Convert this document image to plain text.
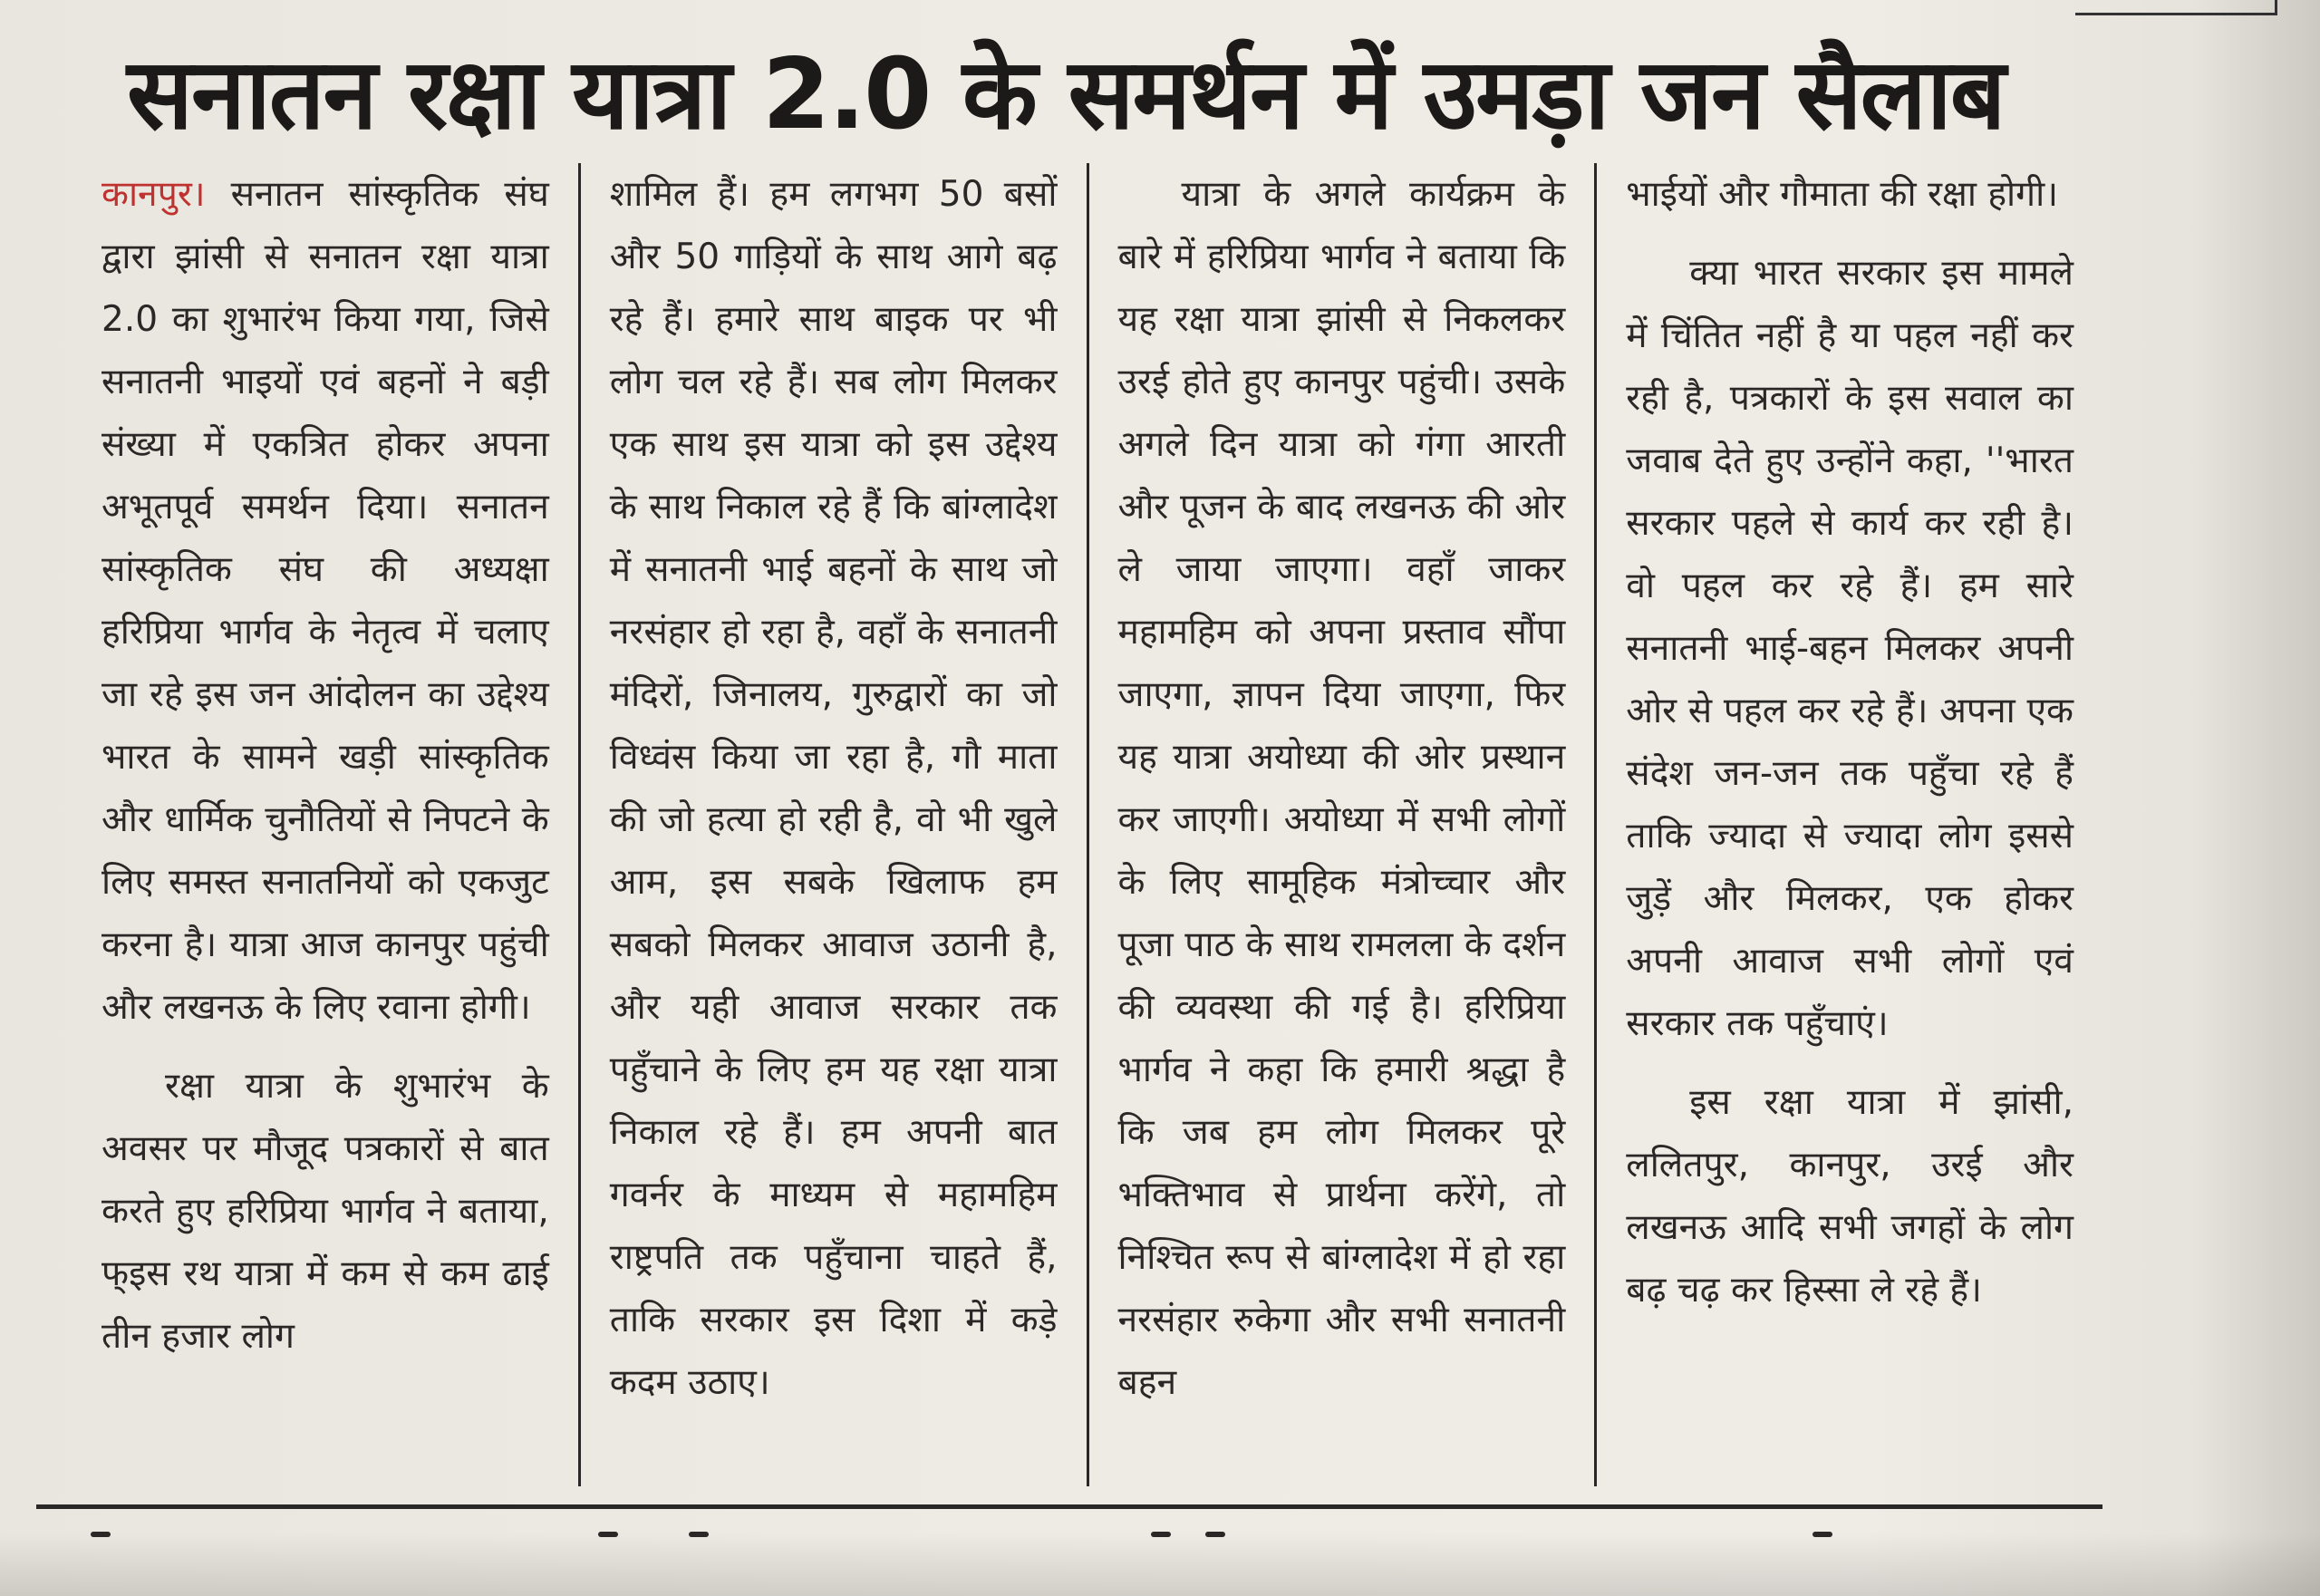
सनातन रक्षा यात्रा 2.0 के समर्थन में उमड़ा जन सैलाब

कानपुर। सनातन सांस्कृतिक संघ द्वारा झांसी से सनातन रक्षा यात्रा 2.0 का शुभारंभ किया गया, जिसे सनातनी भाइयों एवं बहनों ने बड़ी संख्या में एकत्रित होकर अपना अभूतपूर्व समर्थन दिया। सनातन सांस्कृतिक संघ की अध्यक्षा हरिप्रिया भार्गव के नेतृत्व में चलाए जा रहे इस जन आंदोलन का उद्देश्य भारत के सामने खड़ी सांस्कृतिक और धार्मिक चुनौतियों से निपटने के लिए समस्त सनातनियों को एकजुट करना है। यात्रा आज कानपुर पहुंची और लखनऊ के लिए रवाना होगी।

रक्षा यात्रा के शुभारंभ के अवसर पर मौजूद पत्रकारों से बात करते हुए हरिप्रिया भार्गव ने बताया, फ्इस रथ यात्रा में कम से कम ढाई तीन हजार लोग

शामिल हैं। हम लगभग 50 बसों और 50 गाड़ियों के साथ आगे बढ़ रहे हैं। हमारे साथ बाइक पर भी लोग चल रहे हैं। सब लोग मिलकर एक साथ इस यात्रा को इस उद्देश्य के साथ निकाल रहे हैं कि बांग्लादेश में सनातनी भाई बहनों के साथ जो नरसंहार हो रहा है, वहाँ के सनातनी मंदिरों, जिनालय, गुरुद्वारों का जो विध्वंस किया जा रहा है, गौ माता की जो हत्या हो रही है, वो भी खुले आम, इस सबके खिलाफ हम सबको मिलकर आवाज उठानी है, और यही आवाज सरकार तक पहुँचाने के लिए हम यह रक्षा यात्रा निकाल रहे हैं। हम अपनी बात गवर्नर के माध्यम से महामहिम राष्ट्रपति तक पहुँचाना चाहते हैं, ताकि सरकार इस दिशा में कड़े कदम उठाए।

यात्रा के अगले कार्यक्रम के बारे में हरिप्रिया भार्गव ने बताया कि यह रक्षा यात्रा झांसी से निकलकर उरई होते हुए कानपुर पहुंची। उसके अगले दिन यात्रा को गंगा आरती और पूजन के बाद लखनऊ की ओर ले जाया जाएगा। वहाँ जाकर महामहिम को अपना प्रस्ताव सौंपा जाएगा, ज्ञापन दिया जाएगा, फिर यह यात्रा अयोध्या की ओर प्रस्थान कर जाएगी। अयोध्या में सभी लोगों के लिए सामूहिक मंत्रोच्चार और पूजा पाठ के साथ रामलला के दर्शन की व्यवस्था की गई है। हरिप्रिया भार्गव ने कहा कि हमारी श्रद्धा है कि जब हम लोग मिलकर पूरे भक्तिभाव से प्रार्थना करेंगे, तो निश्चित रूप से बांग्लादेश में हो रहा नरसंहार रुकेगा और सभी सनातनी बहन

भाईयों और गौमाता की रक्षा होगी।

क्या भारत सरकार इस मामले में चिंतित नहीं है या पहल नहीं कर रही है, पत्रकारों के इस सवाल का जवाब देते हुए उन्होंने कहा, ''भारत सरकार पहले से कार्य कर रही है। वो पहल कर रहे हैं। हम सारे सनातनी भाई-बहन मिलकर अपनी ओर से पहल कर रहे हैं। अपना एक संदेश जन-जन तक पहुँचा रहे हैं ताकि ज्यादा से ज्यादा लोग इससे जुड़ें और मिलकर, एक होकर अपनी आवाज सभी लोगों एवं सरकार तक पहुँचाएं।

इस रक्षा यात्रा में झांसी, ललितपुर, कानपुर, उरई और लखनऊ आदि सभी जगहों के लोग बढ़ चढ़ कर हिस्सा ले रहे हैं।
